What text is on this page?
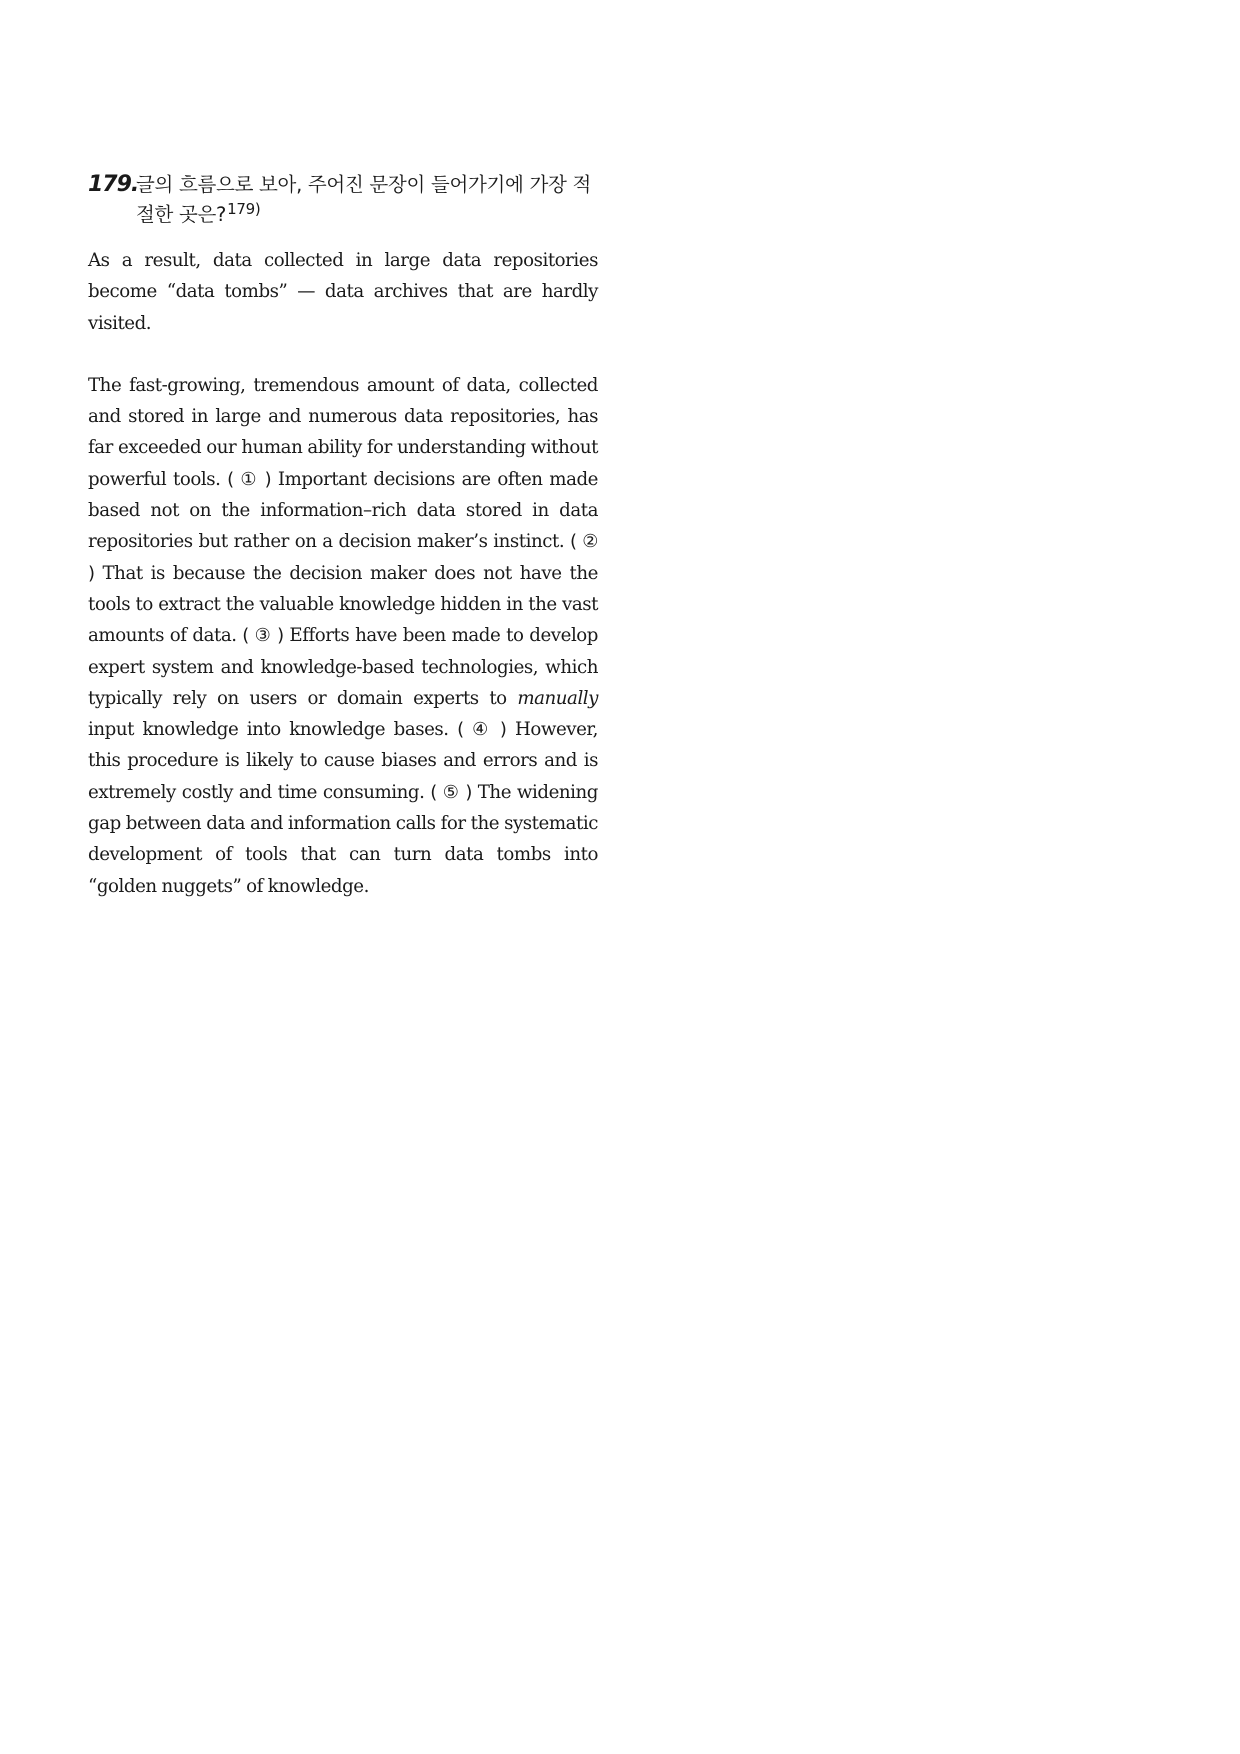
179.
글의 흐름으로 보아, 주어진 문장이 들어가기에 가장 적절한 곳은?$^{179)}$

As a result, data collected in large data repositories become “data tombs” — data archives that are hardly visited.

The fast-growing, tremendous amount of data, collected and stored in large and numerous data repositories, has far exceeded our human ability for understanding without powerful tools. ( ① ) Important decisions are often made based not on the information–rich data stored in data repositories but rather on a decision maker’s instinct. ( ② ) That is because the decision maker does not have the tools to extract the valuable knowledge hidden in the vast amounts of data. ( ③ ) Efforts have been made to develop expert system and knowledge-based technologies, which typically rely on users or domain experts to manually input knowledge into knowledge bases. ( ④ ) However, this procedure is likely to cause biases and errors and is extremely costly and time consuming. ( ⑤ ) The widening gap between data and information calls for the systematic development of tools that can turn data tombs into “golden nuggets” of knowledge.
